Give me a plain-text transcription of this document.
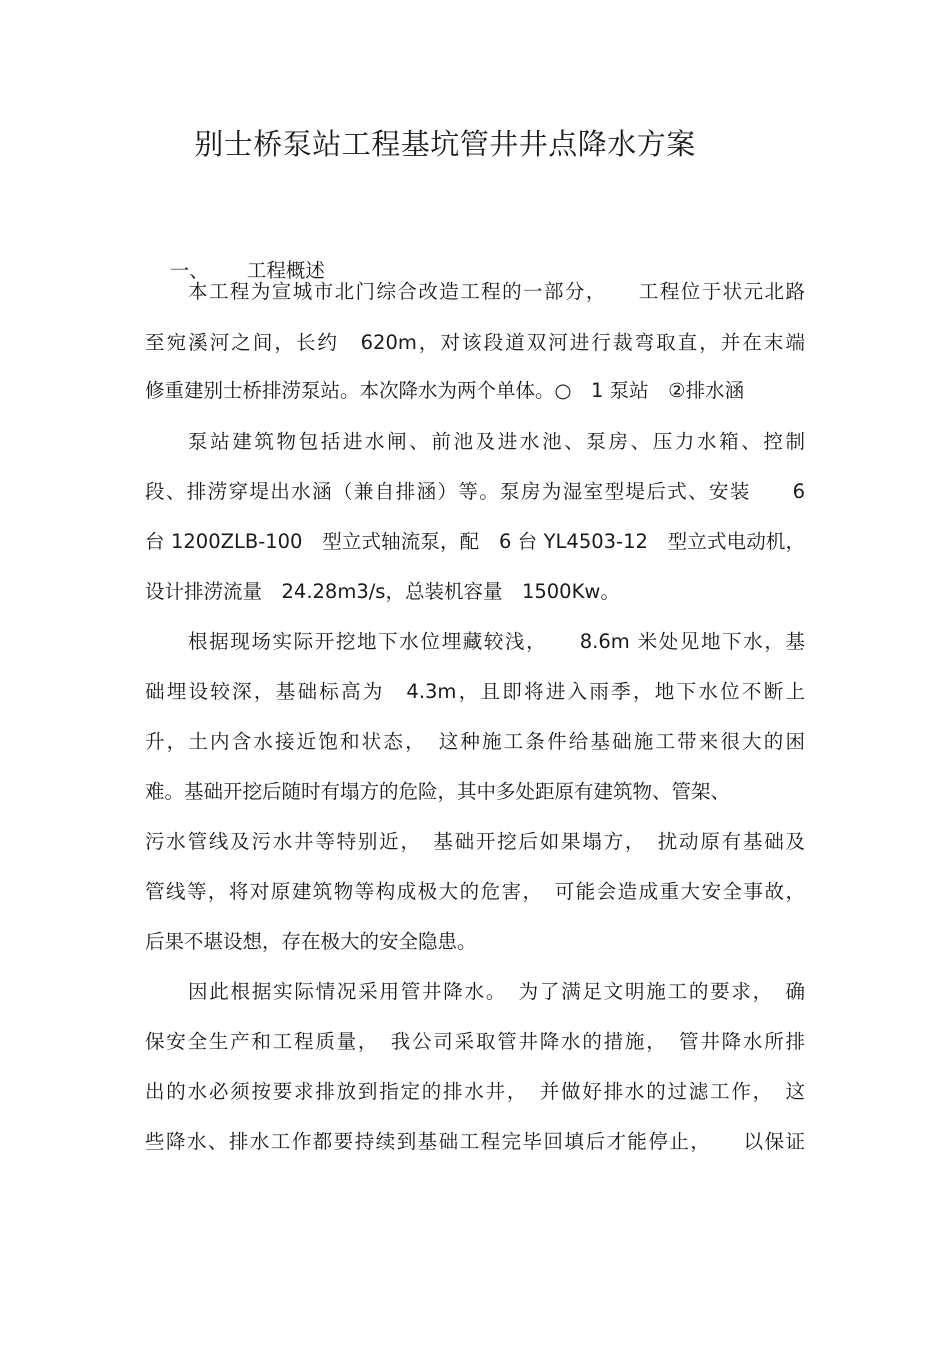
别士桥泵站工程基坑管井井点降水方案

一、 工程概述

本工程为宣城市北门综合改造工程的一部分，　　工程位于状元北路
至宛溪河之间，长约　620m，对该段道双河进行裁弯取直，并在末端
修重建别士桥排涝泵站。本次降水为两个单体。○　1 泵站　②排水涵
泵站建筑物包括进水闸、前池及进水池、泵房、压力水箱、控制
段、排涝穿堤出水涵（兼自排涵）等。泵房为湿室型堤后式、安装　　6
台 1200ZLB-100　型立式轴流泵，配　6 台 YL4503-12　型立式电动机，
设计排涝流量　24.28m3/s，总装机容量　1500Kw。
根据现场实际开挖地下水位埋藏较浅，　　8.6m 米处见地下水，基
础埋设较深，基础标高为　4.3m，且即将进入雨季，地下水位不断上
升，土内含水接近饱和状态，　这种施工条件给基础施工带来很大的困
难。基础开挖后随时有塌方的危险，其中多处距原有建筑物、管架、
污水管线及污水井等特别近，　基础开挖后如果塌方，　扰动原有基础及
管线等，将对原建筑物等构成极大的危害，　可能会造成重大安全事故，
后果不堪设想，存在极大的安全隐患。
因此根据实际情况采用管井降水。　为了满足文明施工的要求，　确
保安全生产和工程质量，　我公司采取管井降水的措施，　管井降水所排
出的水必须按要求排放到指定的排水井，　并做好排水的过滤工作，　这
些降水、排水工作都要持续到基础工程完毕回填后才能停止，　　以保证
